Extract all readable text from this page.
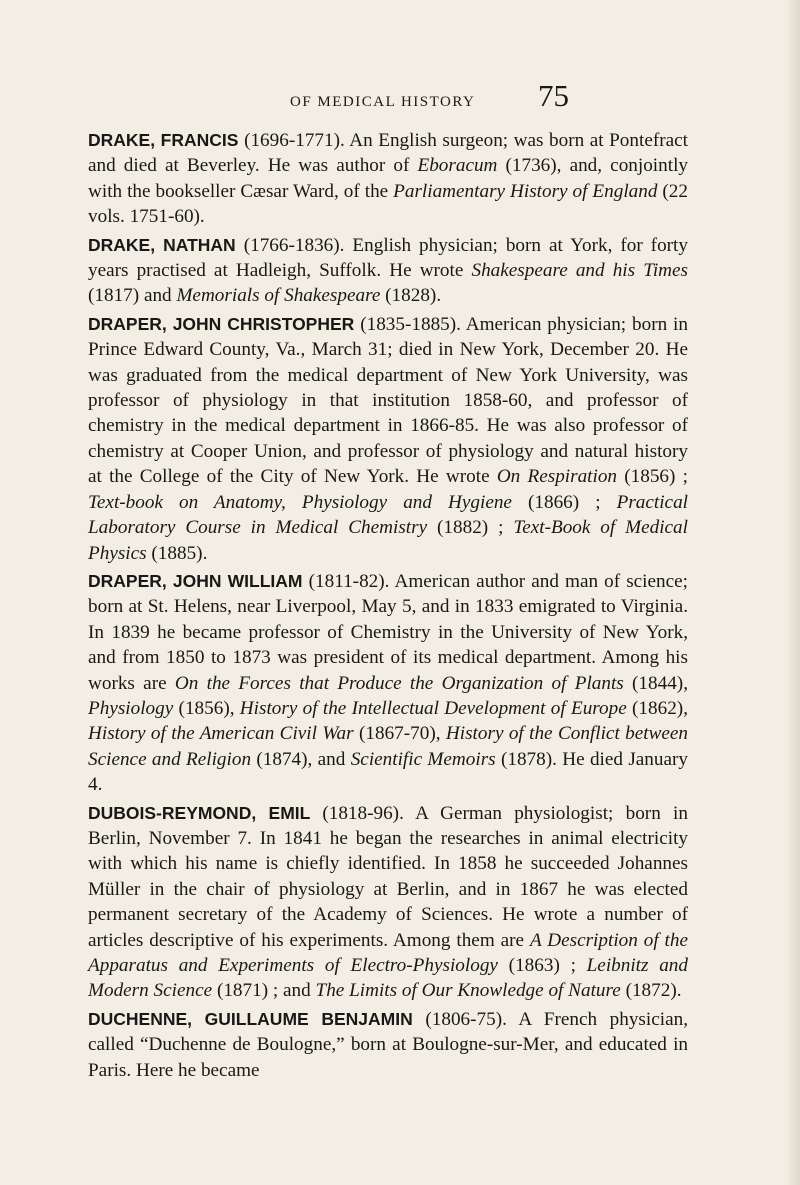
OF MEDICAL HISTORY 75

DRAKE, FRANCIS (1696-1771). An English surgeon; was born at Pontefract and died at Beverley. He was author of Eboracum (1736), and, conjointly with the bookseller Cæsar Ward, of the Parliamentary History of England (22 vols. 1751-60).

DRAKE, NATHAN (1766-1836). English physician; born at York, for forty years practised at Hadleigh, Suffolk. He wrote Shakespeare and his Times (1817) and Memorials of Shakespeare (1828).

DRAPER, JOHN CHRISTOPHER (1835-1885). American physician; born in Prince Edward County, Va., March 31; died in New York, December 20. He was graduated from the medical department of New York University, was professor of physiology in that institution 1858-60, and professor of chemistry in the medical department in 1866-85. He was also professor of chemistry at Cooper Union, and professor of physiology and natural history at the College of the City of New York. He wrote On Respiration (1856) ; Text-book on Anatomy, Physiology and Hygiene (1866) ; Practical Laboratory Course in Medical Chemistry (1882) ; Text-Book of Medical Physics (1885).

DRAPER, JOHN WILLIAM (1811-82). American author and man of science; born at St. Helens, near Liverpool, May 5, and in 1833 emigrated to Virginia. In 1839 he became professor of Chemistry in the University of New York, and from 1850 to 1873 was president of its medical department. Among his works are On the Forces that Produce the Organization of Plants (1844), Physiology (1856), History of the Intellectual Development of Europe (1862), History of the American Civil War (1867-70), History of the Conflict between Science and Religion (1874), and Scientific Memoirs (1878). He died January 4.

DUBOIS-REYMOND, EMIL (1818-96). A German physiologist; born in Berlin, November 7. In 1841 he began the researches in animal electricity with which his name is chiefly identified. In 1858 he succeeded Johannes Müller in the chair of physiology at Berlin, and in 1867 he was elected permanent secretary of the Academy of Sciences. He wrote a number of articles descriptive of his experiments. Among them are A Description of the Apparatus and Experiments of Electro-Physiology (1863) ; Leibnitz and Modern Science (1871) ; and The Limits of Our Knowledge of Nature (1872).

DUCHENNE, GUILLAUME BENJAMIN (1806-75). A French physician, called “Duchenne de Boulogne,” born at Boulogne-sur-Mer, and educated in Paris. Here he became
